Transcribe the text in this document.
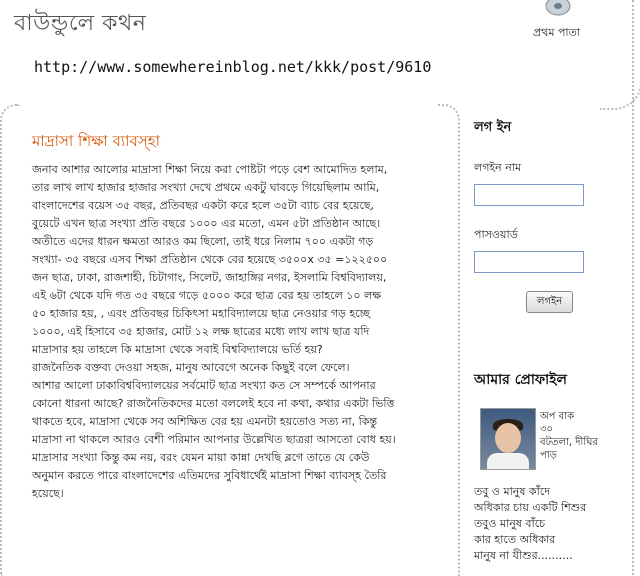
বাউন্ডুলে কথন	প্রথম পাতা
http://www.somewhereinblog.net/kkk/post/9610
মাদ্রাসা শিক্ষা ব্যাবস্হা

জনাব আশার আলোর মাদ্রাসা শিক্ষা নিয়ে করা পোষ্টটা পড়ে বেশ আমোদিত হলাম,
তার লাখ লাখ হাজার হাজার সংখ্যা দেখে প্রথমে একটু ঘাবড়ে গিয়েছিলাম আমি,
বাংলাদেশের বয়েস ৩৫ বছর, প্রতিবছর একটা করে হলে ৩৫টা ব্যাচ বের হয়েছে,
বুয়েটে এখন ছাত্র সংখ্যা প্রতি বছরে ১০০০ এর মতো, এমন ৫টা প্রতিষ্ঠান আছে।
অতীতে এদের ধারন ক্ষমতা আরও কম ছিলো, তাই ধরে নিলাম ৭০০ একটা গড়
সংখ্যা- ৩৫ বছরে এসব শিক্ষা প্রতিষ্ঠান থেকে বের হয়েছে ৩৫০০x ৩৫ =১২২৫০০
জন ছাত্র, ঢাকা, রাজশাহী, চিটাগাং, সিলেট, জাহাঙ্গির নগর, ইসলামি বিশ্ববিদ্যালয়,
এই ৬টা থেকে যদি গত ৩৫ বছরে গড়ে ৫০০০ করে ছাত্র বের হয় তাহলে ১০ লক্ষ
৫০ হাজার হয়, , এবং প্রতিবছর চিকিৎসা মহাবিদ্যালয়ে ছাত্র নেওয়ার গড় হচ্ছে
১০০০, এই হিসাবে ৩৫ হাজার, মোট ১২ লক্ষ ছাত্রের মধ্যে লাখ লাখ ছাত্র যদি
মাদ্রাসার হয় তাহলে কি মাদ্রাসা থেকে সবাই বিশ্ববিদ্যালয়ে ভর্তি হয়?
রাজনৈতিক বক্তব্য দেওয়া সহজ, মানুষ আবেগে অনেক কিছুই বলে ফেলে।
আশার আলো ঢাকাবিশ্ববিদ্যালয়ের সর্বমোট ছাত্র সংখ্যা কত সে সম্পর্কে আপনার
কোনো ধারনা আছে? রাজনৈতিকদের মতো বললেই হবে না কথা, কথার একটা ভিত্তি
থাকতে হবে, মাদ্রাসা থেকে সব অশিক্ষিত বের হয় এমনটা হয়তোও সত্য না, কিন্তু
মাদ্রাসা না থাকলে আরও বেশী পরিমান আপনার উল্লেখিত ছাত্ররা আসতো বোধ হয়।
মাদ্রাসার সংখ্যা কিন্তু কম নয়, বরং যেমন মায়া কান্না দেখছি ব্লগে তাতে যে কেউ
অনুমান করতে পারে বাংলাদেশের এতিমদের সুবিধার্থেই মাদ্রাসা শিক্ষা ব্যাবস্হ তৈরি
হয়েছে।

লগ ইন
লগইন নাম
পাসওয়ার্ড
লগইন
আমার প্রোফাইল
অপ বাক
৩০
বটতলা, দীঘির
পাড়

তবু ও মানুষ কাঁদে
অধিকার চায় একটি শিশুর
তবুও মানুষ বাঁচে
কার হাতে অধিকার
মানুষ না যীশুর..........
